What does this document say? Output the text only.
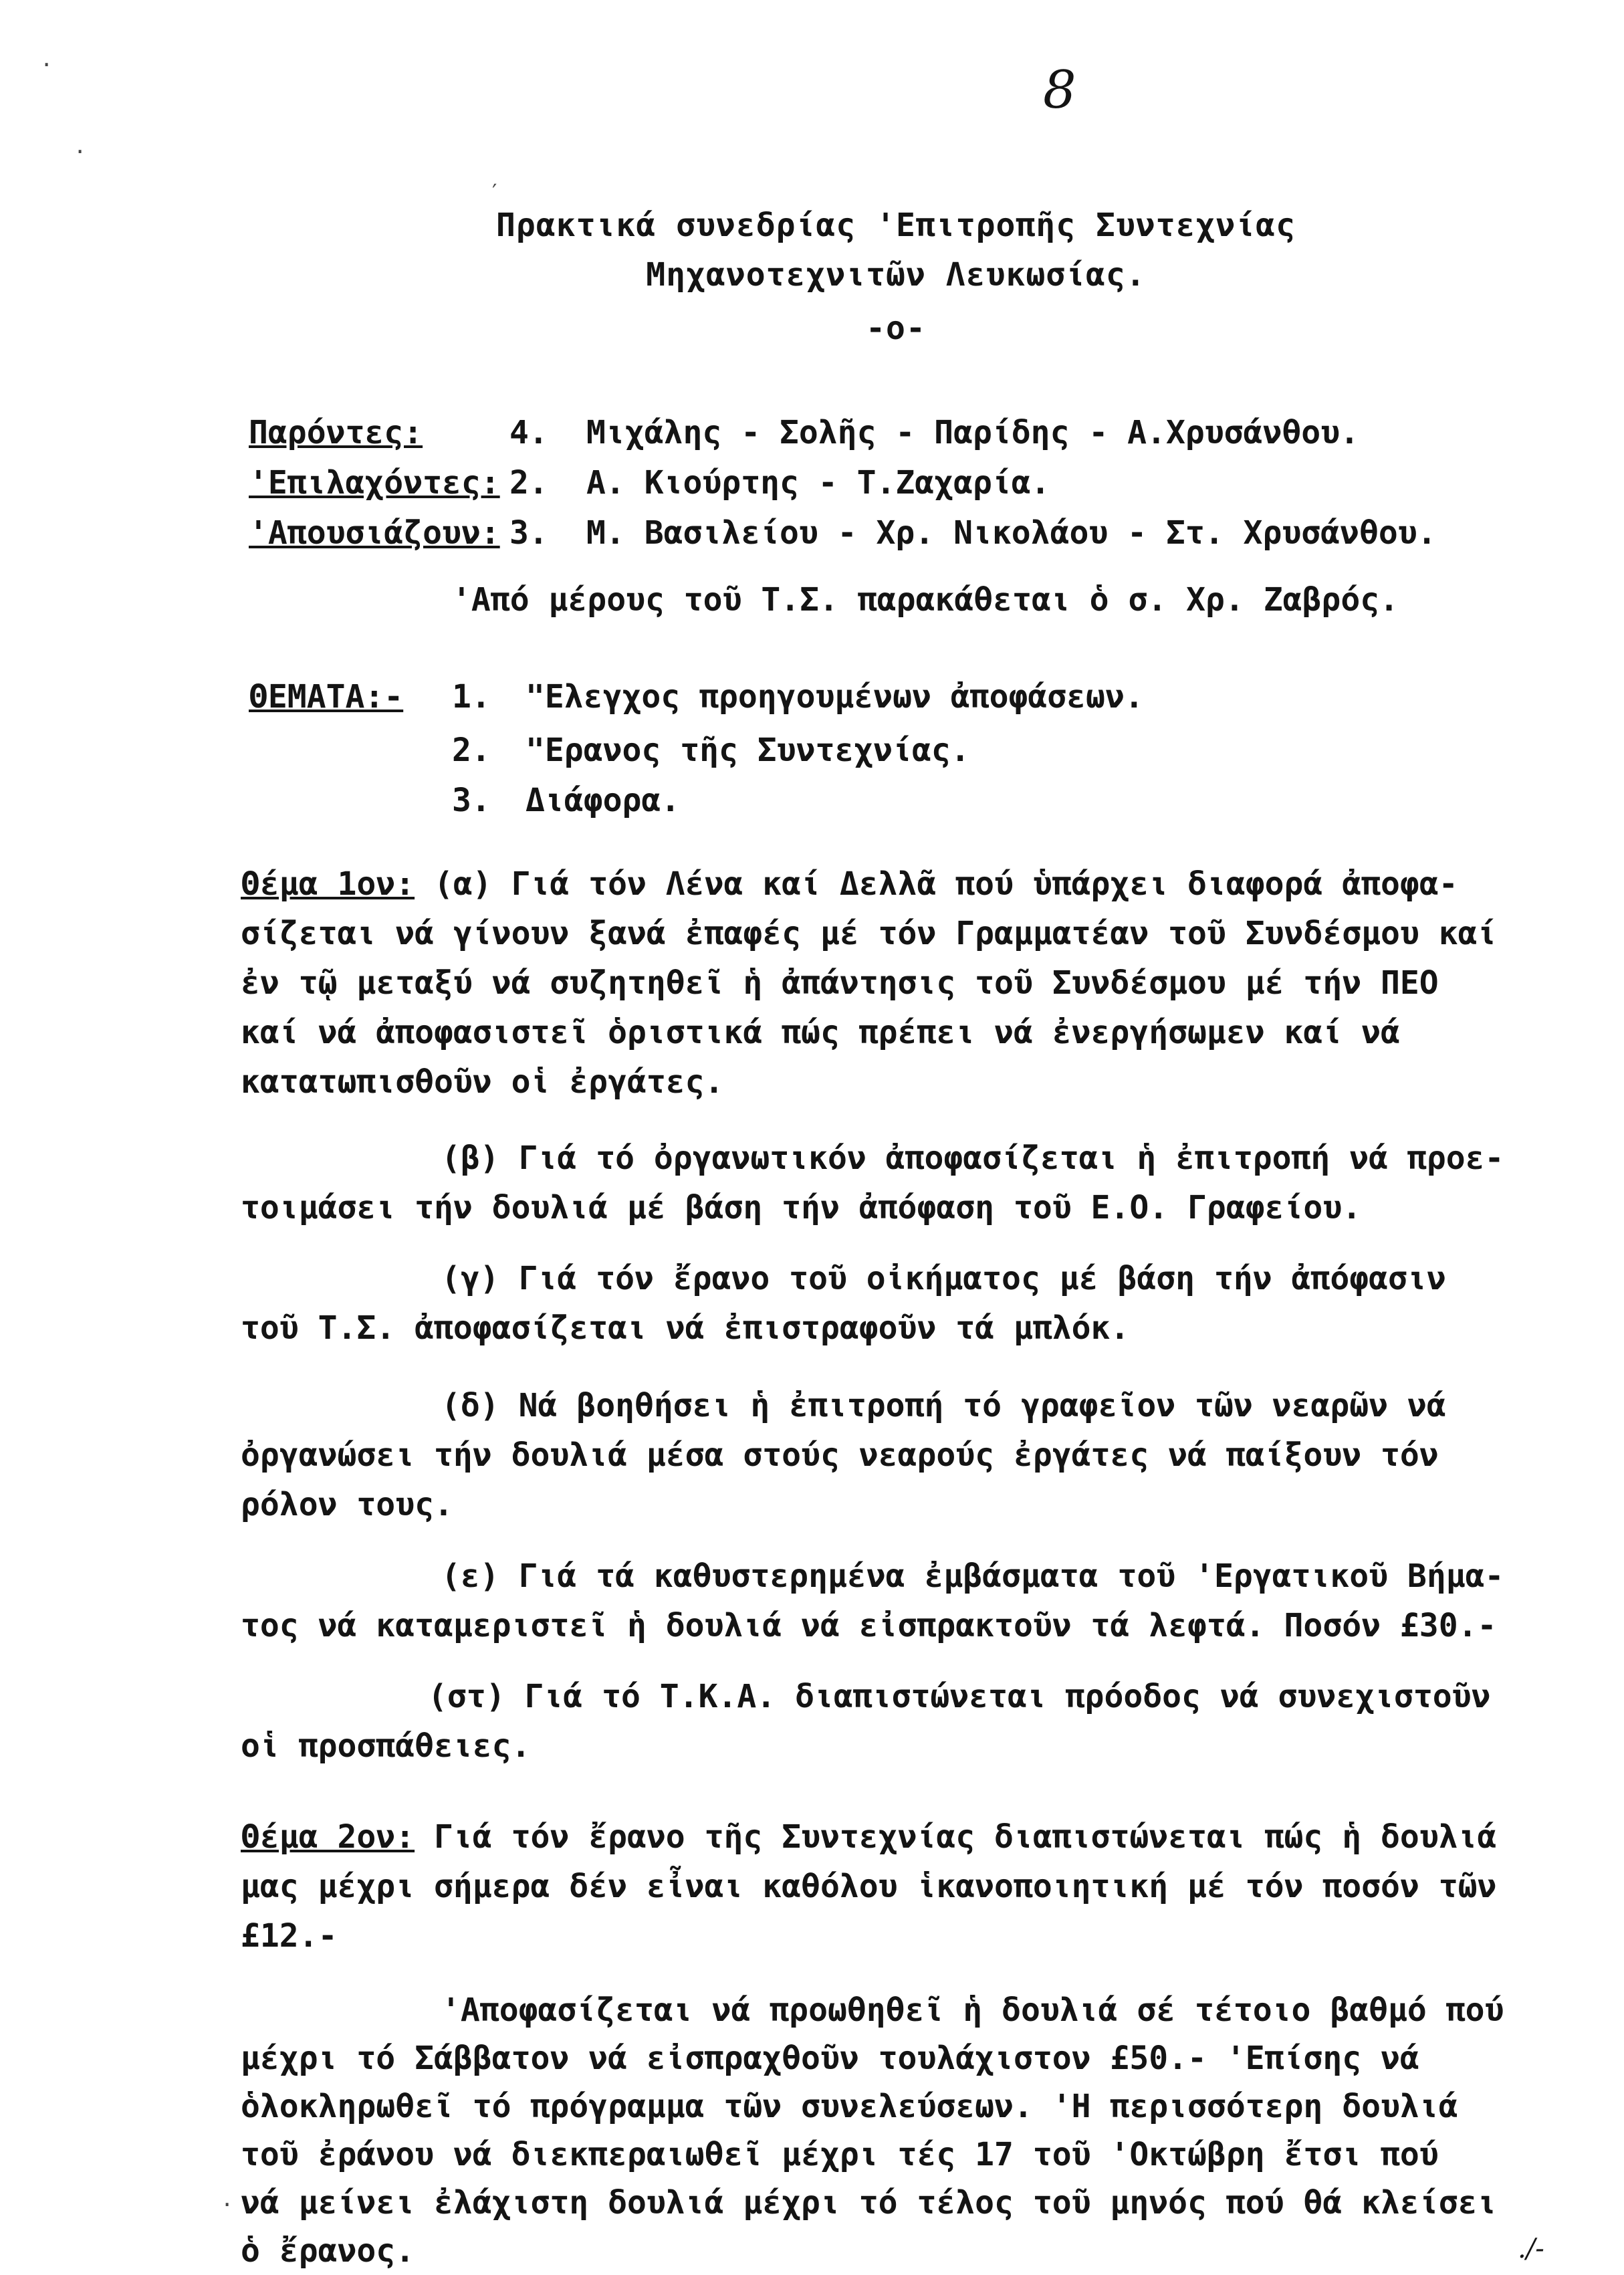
8
Πρακτικά συνεδρίας 'Επιτροπῆς Συντεχνίας
Μηχανοτεχνιτῶν Λευκωσίας.
-ο-
Παρόντες:	4. Μιχάλης - Σολῆς - Παρίδης - Α.Χρυσάνθου.
'Επιλαχόντες: 2. Α. Κιούρτης - Τ.Ζαχαρία.
'Απουσιάζουν: 3. Μ. Βασιλείου - Χρ. Νικολάου - Στ. Χρυσάνθου.
'Από μέρους τοῦ Τ.Σ. παρακάθεται ὁ σ. Χρ. Ζαβρός.
ΘΕΜΑΤΑ:- 1. "Ελεγχος προηγουμένων ἀποφάσεων.
2. "Ερανος τῆς Συντεχνίας.
3. Διάφορα.
Θέμα 1ον: (α) Γιά τόν Λένα καί Δελλᾶ πού ὑπάρχει διαφορά ἀποφα-
σίζεται νά γίνουν ξανά ἐπαφές μέ τόν Γραμματέαν τοῦ Συνδέσμου καί
ἐν τῷ μεταξύ νά συζητηθεῖ ἡ ἀπάντησις τοῦ Συνδέσμου μέ τήν ΠΕΟ
καί νά ἀποφασιστεῖ ὁριστικά πώς πρέπει νά ἐνεργήσωμεν καί νά
κατατωπισθοῦν οἱ ἐργάτες.
(β) Γιά τό ὀργανωτικόν ἀποφασίζεται ἡ ἐπιτροπή νά προε-
τοιμάσει τήν δουλιά μέ βάση τήν ἀπόφαση τοῦ Ε.Ο. Γραφείου.
(γ) Γιά τόν ἔρανο τοῦ οἰκήματος μέ βάση τήν ἀπόφασιν
τοῦ Τ.Σ. ἀποφασίζεται νά ἐπιστραφοῦν τά μπλόκ.
(δ) Νά βοηθήσει ἡ ἐπιτροπή τό γραφεῖον τῶν νεαρῶν νά
ὀργανώσει τήν δουλιά μέσα στούς νεαρούς ἐργάτες νά παίξουν τόν
ρόλον τους.
(ε) Γιά τά καθυστερημένα ἐμβάσματα τοῦ 'Εργατικοῦ Βήμα-
τος νά καταμεριστεῖ ἡ δουλιά νά εἰσπρακτοῦν τά λεφτά. Ποσόν £30.-
(στ) Γιά τό Τ.Κ.Α. διαπιστώνεται πρόοδος νά συνεχιστοῦν
οἱ προσπάθειες.
Θέμα 2ον: Γιά τόν ἔρανο τῆς Συντεχνίας διαπιστώνεται πώς ἡ δουλιά
μας μέχρι σήμερα δέν εἶναι καθόλου ἱκανοποιητική μέ τόν ποσόν τῶν
£12.-
'Αποφασίζεται νά προωθηθεῖ ἡ δουλιά σέ τέτοιο βαθμό πού
μέχρι τό Σάββατον νά εἰσπραχθοῦν τουλάχιστον £50.- 'Επίσης νά
ὁλοκληρωθεῖ τό πρόγραμμα τῶν συνελεύσεων. 'Η περισσότερη δουλιά
τοῦ ἐράνου νά διεκπεραιωθεῖ μέχρι τές 17 τοῦ 'Οκτώβρη ἔτσι πού
νά μείνει ἐλάχιστη δουλιά μέχρι τό τέλος τοῦ μηνός πού θά κλείσει
ὁ ἔρανος.	./-
·
·
′
·
